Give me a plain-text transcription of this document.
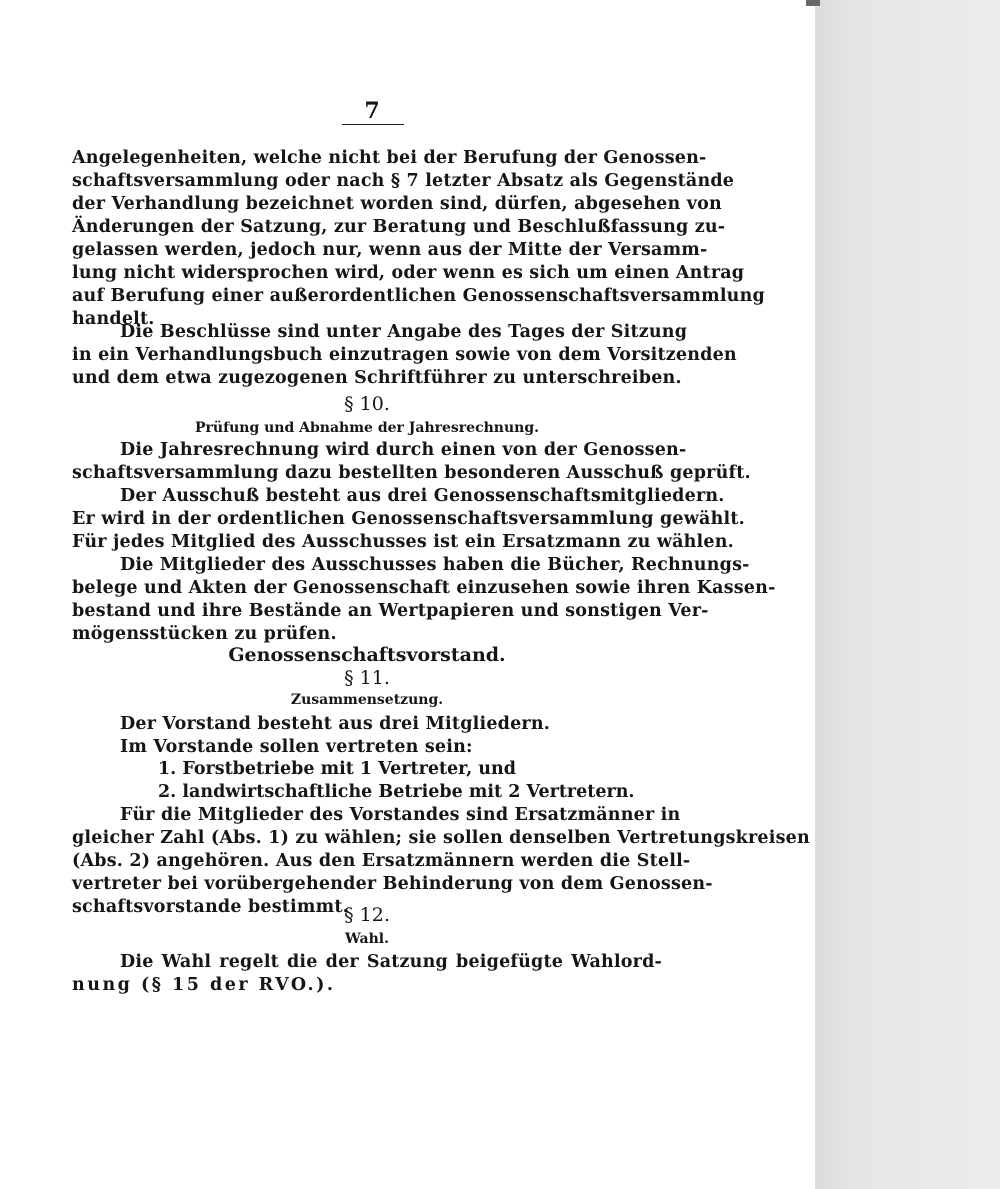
7
Angelegenheiten, welche nicht bei der Berufung der Genossen-
schaftsversammlung oder nach § 7 letzter Absatz als Gegenstände
der Verhandlung bezeichnet worden sind, dürfen, abgesehen von
Änderungen der Satzung, zur Beratung und Beschlußfassung zu-
gelassen werden, jedoch nur, wenn aus der Mitte der Versamm-
lung nicht widersprochen wird, oder wenn es sich um einen Antrag
auf Berufung einer außerordentlichen Genossenschaftsversammlung
handelt.
Die Beschlüsse sind unter Angabe des Tages der Sitzung
in ein Verhandlungsbuch einzutragen sowie von dem Vorsitzenden
und dem etwa zugezogenen Schriftführer zu unterschreiben.
§ 10.
Prüfung und Abnahme der Jahresrechnung.
Die Jahresrechnung wird durch einen von der Genossen-
schaftsversammlung dazu bestellten besonderen Ausschuß geprüft.
Der Ausschuß besteht aus drei Genossenschaftsmitgliedern.
Er wird in der ordentlichen Genossenschaftsversammlung gewählt.
Für jedes Mitglied des Ausschusses ist ein Ersatzmann zu wählen.
Die Mitglieder des Ausschusses haben die Bücher, Rechnungs-
belege und Akten der Genossenschaft einzusehen sowie ihren Kassen-
bestand und ihre Bestände an Wertpapieren und sonstigen Ver-
mögensstücken zu prüfen.
Genossenschaftsvorstand.
§ 11.
Zusammensetzung.
Der Vorstand besteht aus drei Mitgliedern.
Im Vorstande sollen vertreten sein:
1. Forstbetriebe mit 1 Vertreter, und
2. landwirtschaftliche Betriebe mit 2 Vertretern.
Für die Mitglieder des Vorstandes sind Ersatzmänner in
gleicher Zahl (Abs. 1) zu wählen; sie sollen denselben Vertretungskreisen
(Abs. 2) angehören. Aus den Ersatzmännern werden die Stell-
vertreter bei vorübergehender Behinderung von dem Genossen-
schaftsvorstande bestimmt.
§ 12.
Wahl.
Die Wahl regelt die der Satzung beigefügte Wahlord-
nung (§ 15 der RVO.).
